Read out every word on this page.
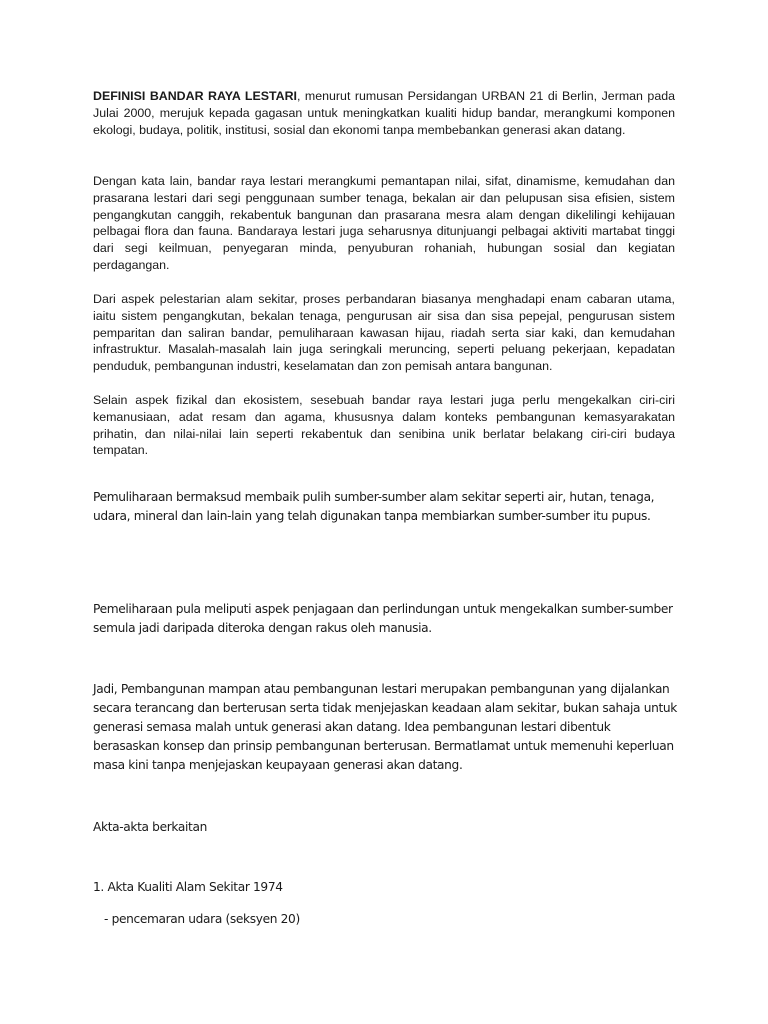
DEFINISI BANDAR RAYA LESTARI, menurut rumusan Persidangan URBAN 21 di Berlin, Jerman pada Julai 2000, merujuk kepada gagasan untuk meningkatkan kualiti hidup bandar, merangkumi komponen ekologi, budaya, politik, institusi, sosial dan ekonomi tanpa membebankan generasi akan datang.

Dengan kata lain, bandar raya lestari merangkumi pemantapan nilai, sifat, dinamisme, kemudahan dan prasarana lestari dari segi penggunaan sumber tenaga, bekalan air dan pelupusan sisa efisien, sistem pengangkutan canggih, rekabentuk bangunan dan prasarana mesra alam dengan dikelilingi kehijauan pelbagai flora dan fauna. Bandaraya lestari juga seharusnya ditunjuangi pelbagai aktiviti martabat tinggi dari segi keilmuan, penyegaran minda, penyuburan rohaniah, hubungan sosial dan kegiatan perdagangan.

Dari aspek pelestarian alam sekitar, proses perbandaran biasanya menghadapi enam cabaran utama, iaitu sistem pengangkutan, bekalan tenaga, pengurusan air sisa dan sisa pepejal, pengurusan sistem pemparitan dan saliran bandar, pemuliharaan kawasan hijau, riadah serta siar kaki, dan kemudahan infrastruktur. Masalah-masalah lain juga seringkali meruncing, seperti peluang pekerjaan, kepadatan penduduk, pembangunan industri, keselamatan dan zon pemisah antara bangunan.

Selain aspek fizikal dan ekosistem, sesebuah bandar raya lestari juga perlu mengekalkan ciri-ciri kemanusiaan, adat resam dan agama, khususnya dalam konteks pembangunan kemasyarakatan prihatin, dan nilai-nilai lain seperti rekabentuk dan senibina unik berlatar belakang ciri-ciri budaya tempatan.

Pemuliharaan bermaksud membaik pulih sumber-sumber alam sekitar seperti air, hutan, tenaga, udara, mineral dan lain-lain yang telah digunakan tanpa membiarkan sumber-sumber itu pupus.

Pemeliharaan pula meliputi aspek penjagaan dan perlindungan untuk mengekalkan sumber-sumber semula jadi daripada diteroka dengan rakus oleh manusia.

Jadi, Pembangunan mampan atau pembangunan lestari merupakan pembangunan yang dijalankan secara terancang dan berterusan serta tidak menjejaskan keadaan alam sekitar, bukan sahaja untuk generasi semasa malah untuk generasi akan datang. Idea pembangunan lestari dibentuk berasaskan konsep dan prinsip pembangunan berterusan. Bermatlamat untuk memenuhi keperluan masa kini tanpa menjejaskan keupayaan generasi akan datang.

Akta-akta berkaitan

1. Akta Kualiti Alam Sekitar 1974

- pencemaran udara (seksyen 20)
